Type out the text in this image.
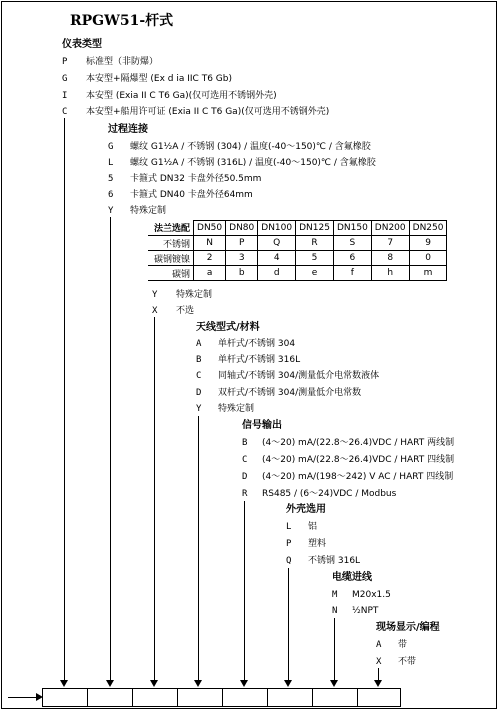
RPGW51-杆式
仪表类型
P 标准型（非防爆）
G 本安型+隔爆型 (Ex d ia IIC T6 Gb)
I 本安型 (Exia II C T6 Ga)(仅可选用不锈钢外壳)
C 本安型+船用许可证 (Exia II C T6 Ga)(仅可选用不锈钢外壳)
过程连接
G 螺纹 G1½A / 不锈钢 (304) / 温度(-40～150)℃ / 含氟橡胶
L 螺纹 G1½A / 不锈钢 (316L) / 温度(-40～150)℃ / 含氟橡胶
5 卡箍式 DN32 卡盘外径50.5mm
6 卡箍式 DN40 卡盘外径64mm
Y 特殊定制
法兰选配	DN50	DN80	DN100	DN125	DN150	DN200	DN250
不锈钢	N	P	Q	R	S	7	9
碳钢镀镍	2	3	4	5	6	8	0
碳钢	a	b	d	e	f	h	m
Y 特殊定制
X 不选
天线型式/材料
A 单杆式/不锈钢 304
B 单杆式/不锈钢 316L
C 同轴式/不锈钢 304/测量低介电常数液体
D 双杆式/不锈钢 304/测量低介电常数
Y 特殊定制
信号输出
B (4～20) mA/(22.8～26.4)VDC / HART 两线制
C (4～20) mA/(22.8～26.4)VDC / HART 四线制
D (4～20) mA/(198～242) V AC / HART 四线制
R RS485 / (6～24)VDC / Modbus
外壳选用
L 铝
P 塑料
Q 不锈钢 316L
电缆进线
M M20x1.5
N ½NPT
现场显示/编程
A 带
X 不带
